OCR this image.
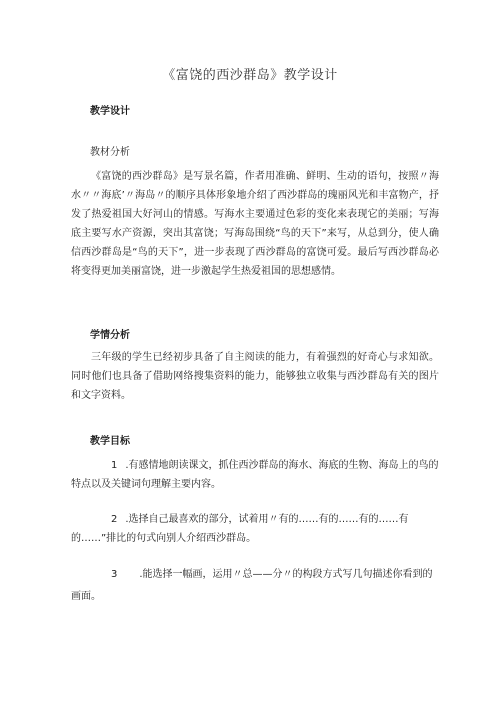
《富饶的西沙群岛》教学设计
教学设计
教材分析

《富饶的西沙群岛》是写景名篇，作者用准确、鲜明、生动的语句，按照〃海水〃〃海底’〃海岛〃的顺序具体形象地介绍了西沙群岛的瑰丽风光和丰富物产，抒发了热爱祖国大好河山的情感。写海水主要通过色彩的变化来表现它的美丽；写海底主要写水产资源，突出其富饶；写海岛围绕“鸟的天下”来写，从总到分，使人确信西沙群岛是“鸟的天下”，进一步表现了西沙群岛的富饶可爱。最后写西沙群岛必将变得更加美丽富饶，进一步激起学生热爱祖国的思想感情。

学情分析

三年级的学生已经初步具备了自主阅读的能力，有着强烈的好奇心与求知欲。同时他们也具备了借助网络搜集资料的能力，能够独立收集与西沙群岛有关的图片和文字资料。

教学目标

1 .有感情地朗读课文，抓住西沙群岛的海水、海底的生物、海岛上的鸟的特点以及关键词句理解主要内容。

2 .选择自己最喜欢的部分，试着用〃有的……有的……有的……有的……”排比的句式向别人介绍西沙群岛。

3 .能选择一幅画，运用〃总——分〃的构段方式写几句描述你看到的画面。
